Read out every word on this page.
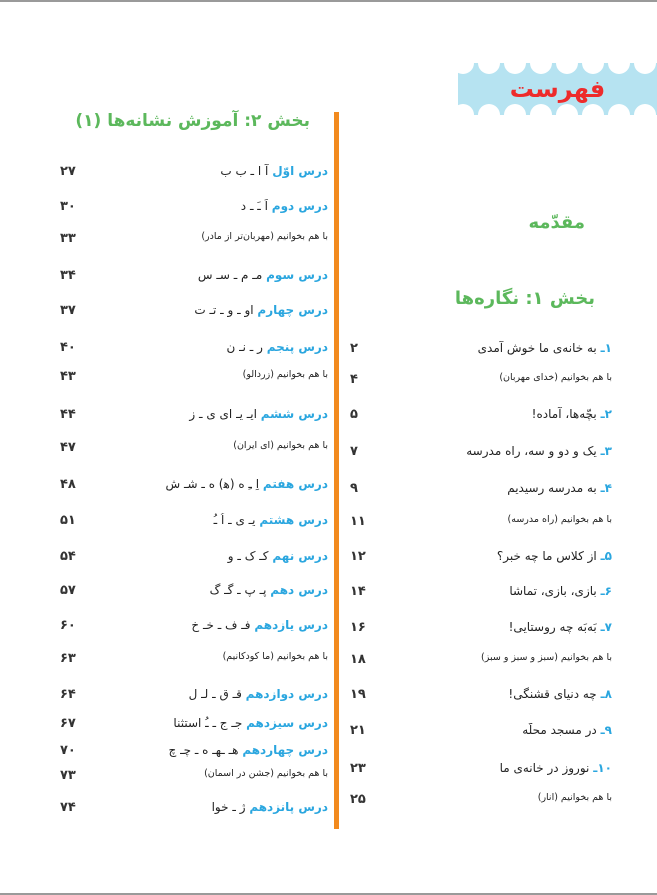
فهرست
بخش ۲: آموزش نشانه‌ها (۱)
مقدّمه
بخش ۱: نگاره‌ها
درس اوّل آ ا ـ ب ب
۲۷
درس دوم اَ ـَ ـ د
۳۰
با هم بخوانیم (مهربان‌تر از مادر)
۳۳
درس سوم مـ م ـ سـ س
۳۴
درس چهارم او ـ و ـ تـ ت
۳۷
درس پنجم ر ـ نـ ن
۴۰
با هم بخوانیم (زردآلو)
۴۳
درس ششم ایـ یـ ای ی ـ ز
۴۴
با هم بخوانیم (ای ایران)
۴۷
درس هفتم اِ ـِ ه (ﻫ) ه ـ شـ ش
۴۸
درس هشتم یـ ی ـ اُ ـُ
۵۱
درس نهم کـ ک ـ و
۵۴
درس دهم پـ پ ـ گـ گ
۵۷
درس یازدهم فـ ف ـ خـ خ
۶۰
با هم بخوانیم (ما کودکانیم)
۶۳
درس دوازدهم قـ ق ـ لـ ل
۶۴
درس سیزدهم جـ ج ـ ـُ استثنا
۶۷
درس چهاردهم هـ ـهـ ه ـ چـ چ
۷۰
با هم بخوانیم (جشن در آسمان)
۷۳
درس پانزدهم ژ ـ خوا
۷۴
۱ـ به خانه‌ی ما خوش آمدی
۲
با هم بخوانیم (خدای مهربان)
۴
۲ـ بچّه‌ها، آماده!
۵
۳ـ یک و دو و سه، راه مدرسه
۷
۴ـ به مدرسه رسیدیم
۹
با هم بخوانیم (راه مدرسه)
۱۱
۵ـ از کلاس ما چه خبر؟
۱۲
۶ـ بازی، بازی، تماشا
۱۴
۷ـ بَه‌بَه چه روستایی!
۱۶
با هم بخوانیم (سبز و سبز و سبز)
۱۸
۸ـ چه دنیای قشنگی!
۱۹
۹ـ در مسجد محلّه
۲۱
۱۰ـ نوروز در خانه‌ی ما
۲۳
با هم بخوانیم (انار)
۲۵
